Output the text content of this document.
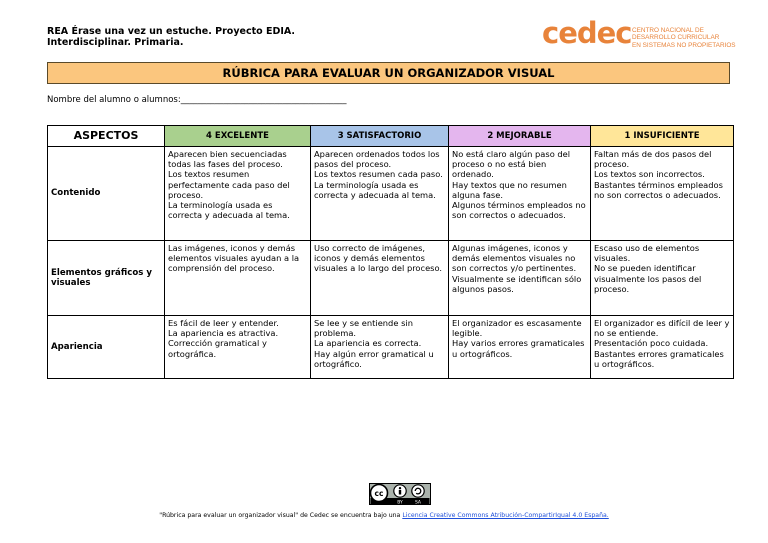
REA Érase una vez un estuche. Proyecto EDIA.
Interdisciplinar. Primaria.	cedec CENTRO NACIONAL DE
DESARROLLO CURRICULAR
EN SISTEMAS NO PROPIETARIOS
RÚBRICA PARA EVALUAR UN ORGANIZADOR VISUAL
Nombre del alumno o alumnos:_______________________________________
ASPECTOS	4 EXCELENTE	3 SATISFACTORIO	2 MEJORABLE	1 INSUFICIENTE
Contenido	Aparecen bien secuenciadas todas las fases del proceso.
Los textos resumen perfectamente cada paso del proceso.
La terminología usada es correcta y adecuada al tema.	Aparecen ordenados todos los pasos del proceso.
Los textos resumen cada paso.
La terminología usada es correcta y adecuada al tema.	No está claro algún paso del proceso o no está bien ordenado.
Hay textos que no resumen alguna fase.
Algunos términos empleados no son correctos o adecuados.	Faltan más de dos pasos del proceso.
Los textos son incorrectos.
Bastantes términos empleados no son correctos o adecuados.
Elementos gráficos y visuales	Las imágenes, iconos y demás elementos visuales ayudan a la comprensión del proceso.	Uso correcto de imágenes, iconos y demás elementos visuales a lo largo del proceso.	Algunas imágenes, iconos y demás elementos visuales no son correctos y/o pertinentes.
Visualmente se identifican sólo algunos pasos.	Escaso uso de elementos visuales.
No se pueden identificar visualmente los pasos del proceso.
Apariencia	Es fácil de leer y entender.
La apariencia es atractiva.
Corrección gramatical y ortográfica.	Se lee y se entiende sin problema.
La apariencia es correcta.
Hay algún error gramatical u ortográfico.	El organizador es escasamente legible.
Hay varios errores gramaticales u ortográficos.	El organizador es difícil de leer y no se entiende.
Presentación poco cuidada.
Bastantes errores gramaticales u ortográficos.
cc
BY	SA
"Rúbrica para evaluar un organizador visual" de Cedec se encuentra bajo una Licencia Creative Commons Atribución-CompartirIgual 4.0 España.
